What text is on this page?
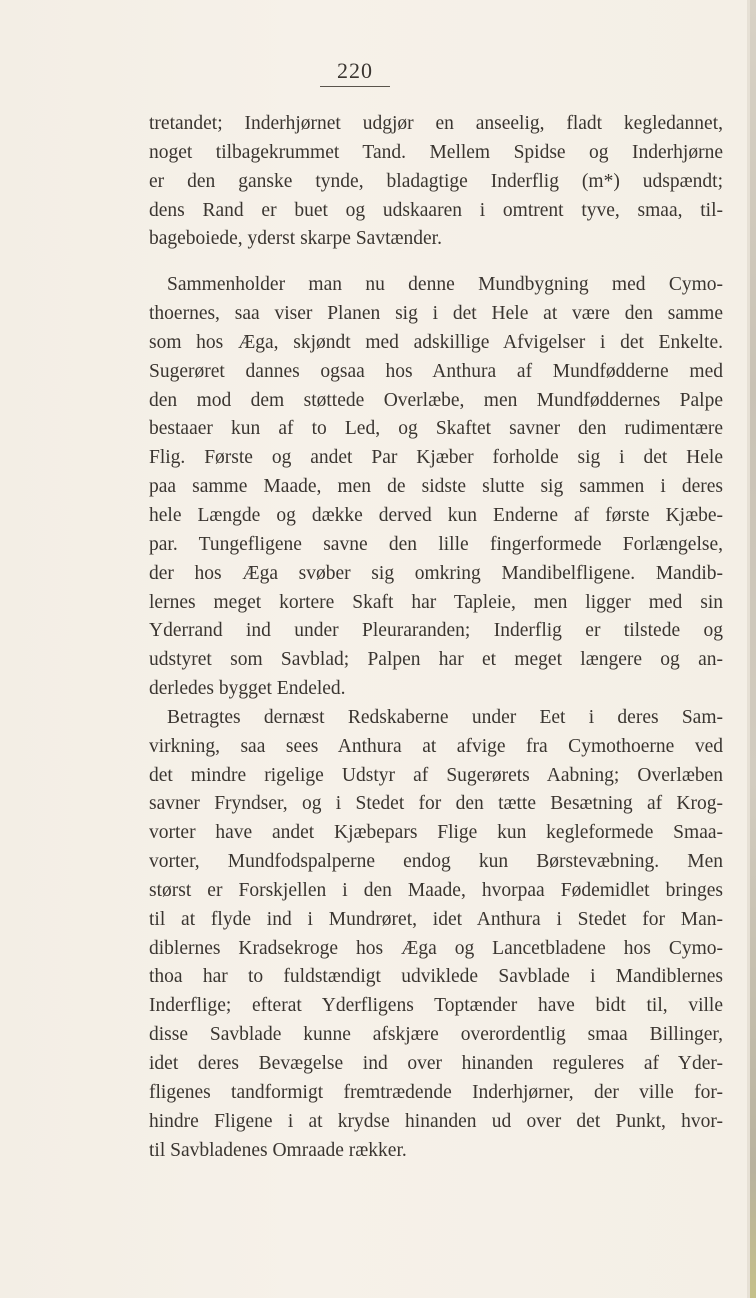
220
tretandet; Inderhjørnet udgjør en anseelig, fladt kegledannet,
noget tilbagekrummet Tand. Mellem Spidse og Inderhjørne
er den ganske tynde, bladagtige Inderflig (m*) udspændt;
dens Rand er buet og udskaaren i omtrent tyve, smaa, til-
bageboiede, yderst skarpe Savtænder.
Sammenholder man nu denne Mundbygning med Cymo-
thoernes, saa viser Planen sig i det Hele at være den samme
som hos Æga, skjøndt med adskillige Afvigelser i det Enkelte.
Sugerøret dannes ogsaa hos Anthura af Mundfødderne med
den mod dem støttede Overlæbe, men Mundføddernes Palpe
bestaaer kun af to Led, og Skaftet savner den rudimentære
Flig. Første og andet Par Kjæber forholde sig i det Hele
paa samme Maade, men de sidste slutte sig sammen i deres
hele Længde og dække derved kun Enderne af første Kjæbe-
par. Tungefligene savne den lille fingerformede Forlængelse,
der hos Æga svøber sig omkring Mandibelfligene. Mandib-
lernes meget kortere Skaft har Tapleie, men ligger med sin
Yderrand ind under Pleuraranden; Inderflig er tilstede og
udstyret som Savblad; Palpen har et meget længere og an-
derledes bygget Endeled.
Betragtes dernæst Redskaberne under Eet i deres Sam-
virkning, saa sees Anthura at afvige fra Cymothoerne ved
det mindre rigelige Udstyr af Sugerørets Aabning; Overlæben
savner Fryndser, og i Stedet for den tætte Besætning af Krog-
vorter have andet Kjæbepars Flige kun kegleformede Smaa-
vorter, Mundfodspalperne endog kun Børstevæbning. Men
størst er Forskjellen i den Maade, hvorpaa Fødemidlet bringes
til at flyde ind i Mundrøret, idet Anthura i Stedet for Man-
diblernes Kradsekroge hos Æga og Lancetbladene hos Cymo-
thoa har to fuldstændigt udviklede Savblade i Mandiblernes
Inderflige; efterat Yderfligens Toptænder have bidt til, ville
disse Savblade kunne afskjære overordentlig smaa Billinger,
idet deres Bevægelse ind over hinanden reguleres af Yder-
fligenes tandformigt fremtrædende Inderhjørner, der ville for-
hindre Fligene i at krydse hinanden ud over det Punkt, hvor-
til Savbladenes Omraade rækker.
